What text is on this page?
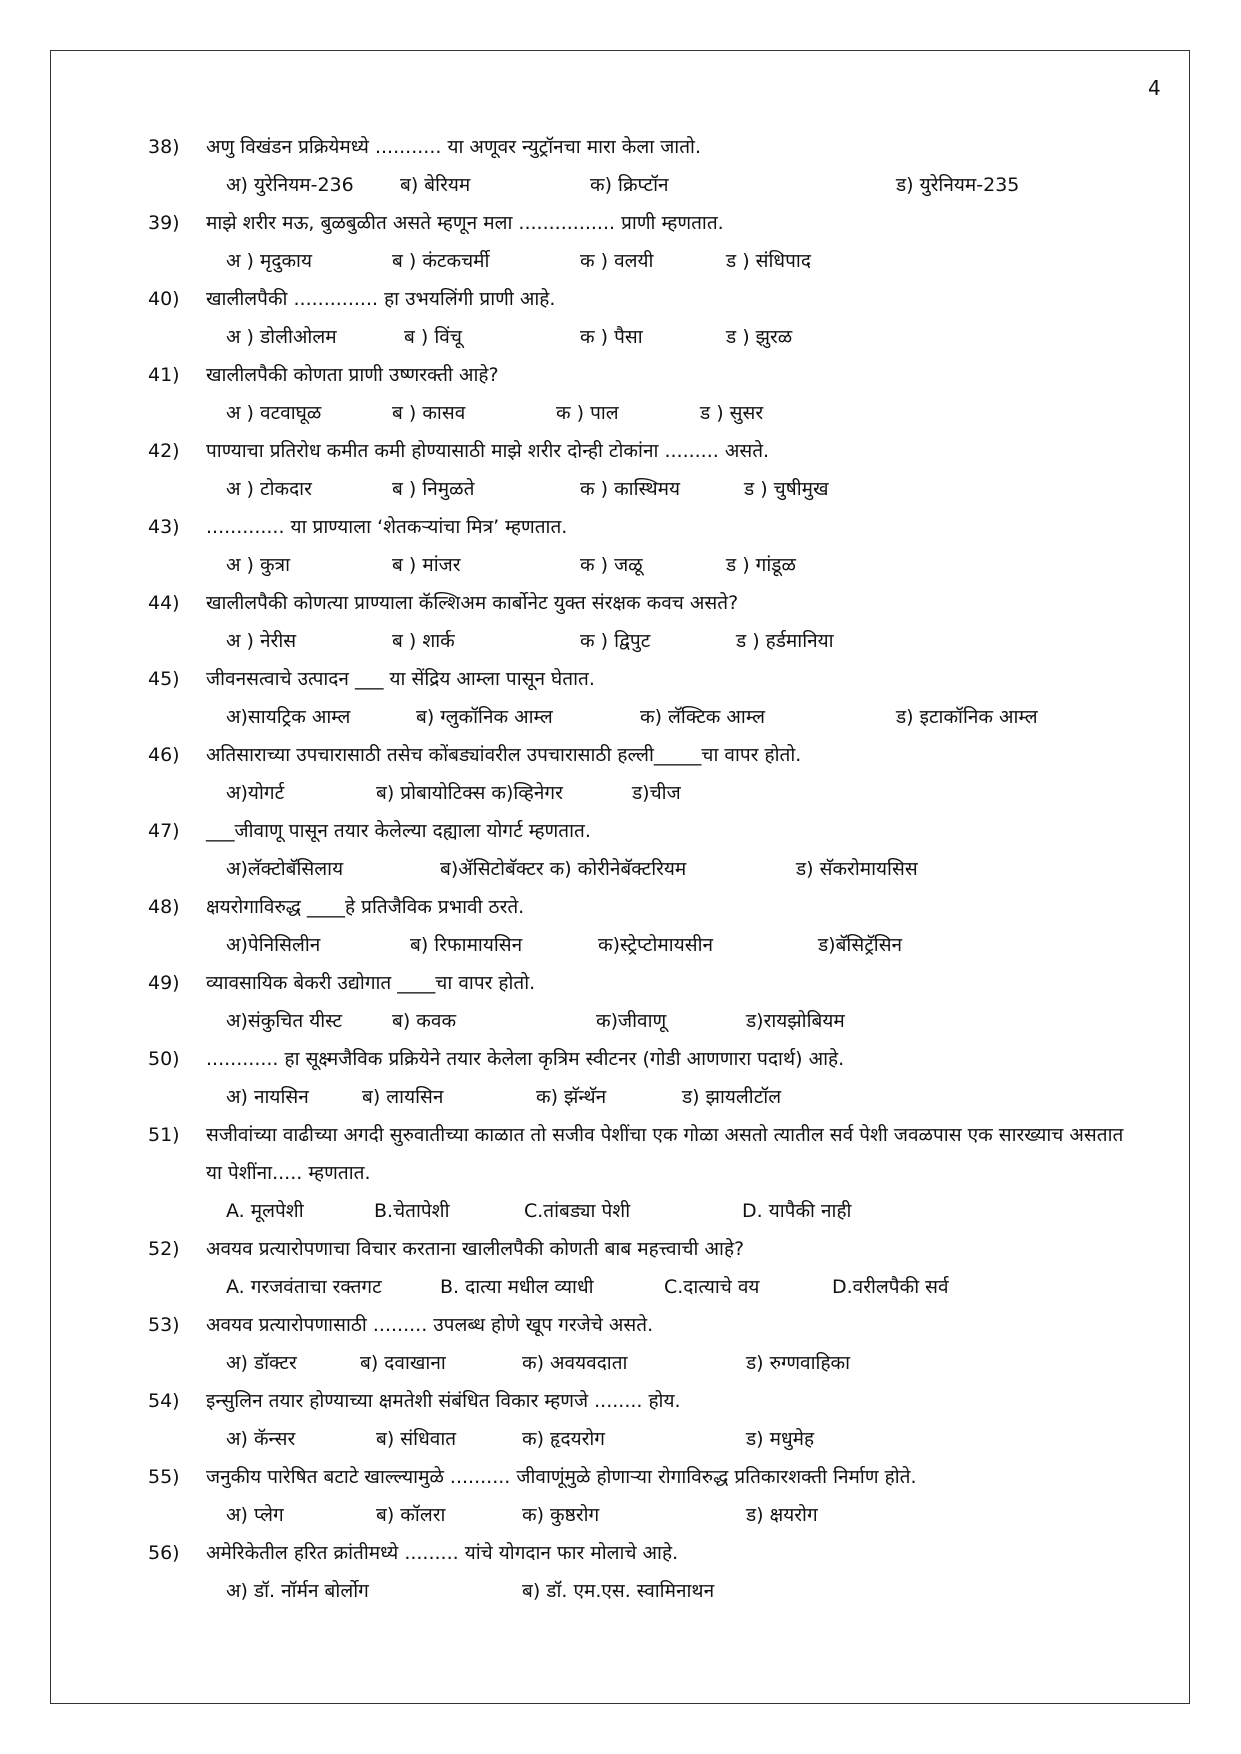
4
38)	अणु विखंडन प्रक्रियेमध्ये ........... या अणूवर न्युट्रॉनचा मारा केला जातो.
अ) युरेनियम-236 ब) बेरियम	क) क्रिप्टॉन	ड) युरेनियम-235
39)	माझे शरीर मऊ, बुळबुळीत असते म्हणून मला ................ प्राणी म्हणतात.
अ ) मृदुकाय	ब ) कंटकचर्मी	क ) वलयी	ड ) संधिपाद
40)	खालीलपैकी .............. हा उभयलिंगी प्राणी आहे.
अ ) डोलीओलम	ब ) विंचू	क ) पैसा	ड ) झुरळ
41)	खालीलपैकी कोणता प्राणी उष्णरक्ती आहे?
अ ) वटवाघूळ	ब ) कासव	क ) पाल	ड ) सुसर
42)	पाण्याचा प्रतिरोध कमीत कमी होण्यासाठी माझे शरीर दोन्ही टोकांना ......... असते.
अ ) टोकदार	ब ) निमुळते	क ) कास्थिमय	ड ) चुषीमुख
43)	............. या प्राण्याला ‘शेतकऱ्यांचा मित्र’ म्हणतात.
अ ) कुत्रा	ब ) मांजर	क ) जळू	ड ) गांडूळ
44)	खालीलपैकी कोणत्या प्राण्याला कॅल्शिअम कार्बोनेट युक्त संरक्षक कवच असते?
अ ) नेरीस	ब ) शार्क	क ) द्विपुट	ड ) हर्डमानिया
45)	जीवनसत्वाचे उत्पादन ___ या सेंद्रिय आम्ला पासून घेतात.
अ)सायट्रिक आम्ल	ब) ग्लुकॉनिक आम्ल	क) लॅक्टिक आम्ल	ड) इटाकॉनिक आम्ल
46)	अतिसाराच्या उपचारासाठी तसेच कोंबड्यांवरील उपचारासाठी हल्ली_____चा वापर होतो.
अ)योगर्ट	ब) प्रोबायोटिक्स क)व्हिनेगर	ड)चीज
47)	___जीवाणू पासून तयार केलेल्या दह्याला योगर्ट म्हणतात.
अ)लॅक्टोबॅसिलाय	ब)ॲसिटोबॅक्टर क) कोरीनेबॅक्टरियम	ड) सॅकरोमायसिस
48)	क्षयरोगाविरुद्ध ____हे प्रतिजैविक प्रभावी ठरते.
अ)पेनिसिलीन	ब) रिफामायसिन	क)स्ट्रेप्टोमायसीन	ड)बॅसिट्रॅसिन
49)	व्यावसायिक बेकरी उद्योगात ____चा वापर होतो.
अ)संकुचित यीस्ट	ब) कवक	क)जीवाणू	ड)रायझोबियम
50)	............ हा सूक्ष्मजैविक प्रक्रियेने तयार केलेला कृत्रिम स्वीटनर (गोडी आणणारा पदार्थ) आहे.
अ) नायसिन	ब) लायसिन	क) झॅन्थॅन	ड) झायलीटॉल
51)	सजीवांच्या वाढीच्या अगदी सुरुवातीच्या काळात तो सजीव पेशींचा एक गोळा असतो त्यातील सर्व पेशी जवळपास एक सारख्याच असतात या पेशींना..... म्हणतात.
A. मूलपेशी	B.चेतापेशी	C.तांबड्या पेशी	D. यापैकी नाही
52)	अवयव प्रत्यारोपणाचा विचार करताना खालीलपैकी कोणती बाब महत्त्वाची आहे?
A. गरजवंताचा रक्तगट	B. दात्या मधील व्याधी	C.दात्याचे वय	D.वरीलपैकी सर्व
53)	अवयव प्रत्यारोपणासाठी ......... उपलब्ध होणे खूप गरजेचे असते.
अ) डॉक्टर	ब) दवाखाना	क) अवयवदाता	ड) रुग्णवाहिका
54)	इन्सुलिन तयार होण्याच्या क्षमतेशी संबंधित विकार म्हणजे ........ होय.
अ) कॅन्सर	ब) संधिवात	क) हृदयरोग	ड) मधुमेह
55)	जनुकीय पारेषित बटाटे खाल्ल्यामुळे .......... जीवाणूंमुळे होणाऱ्या रोगाविरुद्ध प्रतिकारशक्ती निर्माण होते.
अ) प्लेग	ब) कॉलरा	क) कुष्ठरोग	ड) क्षयरोग
56)	अमेरिकेतील हरित क्रांतीमध्ये ......... यांचे योगदान फार मोलाचे आहे.
अ) डॉ. नॉर्मन बोर्लोग	ब) डॉ. एम.एस. स्वामिनाथन
